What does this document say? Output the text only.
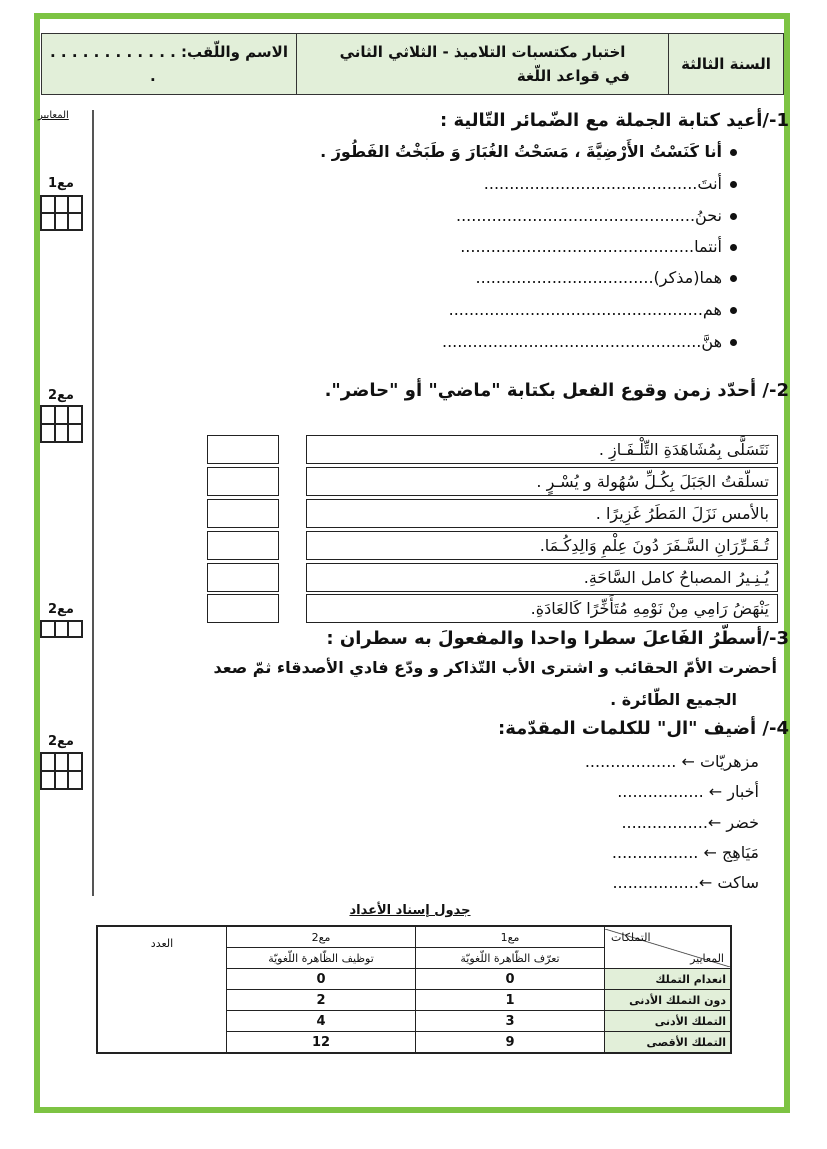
السنة الثالثة
اختبار مكتسبات التلاميذ - الثلاثي الثاني
في قواعد اللّغة
الاسم واللّقب: . . . . . . . . . . . .
.
المعايير
مع1
مع2
مع2
مع2
1-/أعيد كتابة الجملة مع الضّمائر التّالية :
أنا كَنَسْتُ الأَرْضِيَّةَ ، مَسَحْتُ الغُبَارَ وَ طَبَخْتُ الفَطُورَ .
أنتَ..........................................
نحنُ...............................................
أنتما..............................................
هما(مذكر)...................................
هم..................................................
هنَّ...................................................
2-/ أحدّد زمن وقوع الفعل بكتابة "ماضي" أو "حاضر".
نَتَسَلَّى بِمُشَاهَدَةِ التِّلْـفَـازِ .
تسلّقتُ الجَبَلَ بِكُـلِّ سُهُولة و يُسْـرٍ .
بالأمس نَزَلَ المَطَرُ غَزِيرًا .
تُـقَـرِّرَانِ السَّـفَرَ دُونَ عِلْمِ وَالِدِكُـمَا.
يُـنِـيرُ المصباحُ كامل السَّاحَةِ.
يَنْهَضُ رَامِي مِنْ نَوْمِهِ مُتَأَخِّرًا كَالعَادَةِ.
3-/أسطّرُ الفَاعلَ سطرا واحدا والمفعولَ به سطران :
أحضرت الأمّ الحقائب و اشترى الأب التّذاكر و ودّع فادي الأصدقاء ثمّ صعد
الجميع الطّائرة .
4-/ أضيف "ال" للكلمات المقدّمة:
مزهريّات ← ..................
أخبار ← .................
خضر ←.................
مَيَاهِج ← .................
ساكت ←.................
جدول إسناد الأعداد
المعايير
التملكات	مع1	مع2	العدد
	تعرّف الظّاهرة اللّغويّة	توظيف الظّاهرة اللّغويّة	
انعدام التملك	0	0	
دون التملك الأدنى	1	2	
التملك الأدنى	3	4	
التملك الأقصى	9	12	
